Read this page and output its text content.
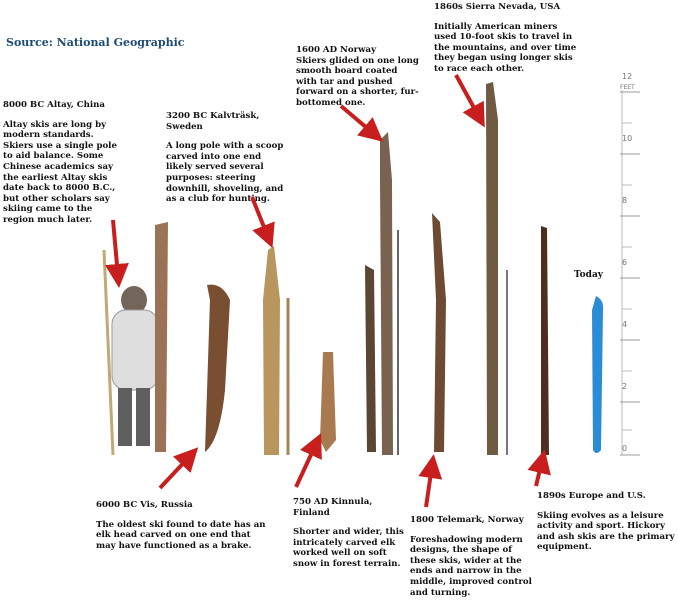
Source: National Geographic
8000 BC Altay, China
Altay skis are long by modern standards. Skiers use a single pole to aid balance. Some Chinese academics say the earliest Altay skis date back to 8000 B.C., but other scholars say skiing came to the region much later.
3200 BC Kalvträsk, Sweden
A long pole with a scoop carved into one end likely served several purposes: steering downhill, shoveling, and as a club for hunting.
1600 AD Norway
Skiers glided on one long smooth board coated with tar and pushed forward on a shorter, fur-bottomed one.
1860s Sierra Nevada, USA
Initially American miners used 10-foot skis to travel in the mountains, and over time they began using longer skis to race each other.
6000 BC Vis, Russia
The oldest ski found to date has an elk head carved on one end that may have functioned as a brake.
750 AD Kinnula, Finland
Shorter and wider, this intricately carved elk worked well on soft snow in forest terrain.
1800 Telemark, Norway
Foreshadowing modern designs, the shape of these skis, wider at the ends and narrow in the middle, improved control and turning.
1890s Europe and U.S.
Skiing evolves as a leisure activity and sport. Hickory and ash skis are the primary equipment.
Today
FEET
12
10
8
6
4
2
0
